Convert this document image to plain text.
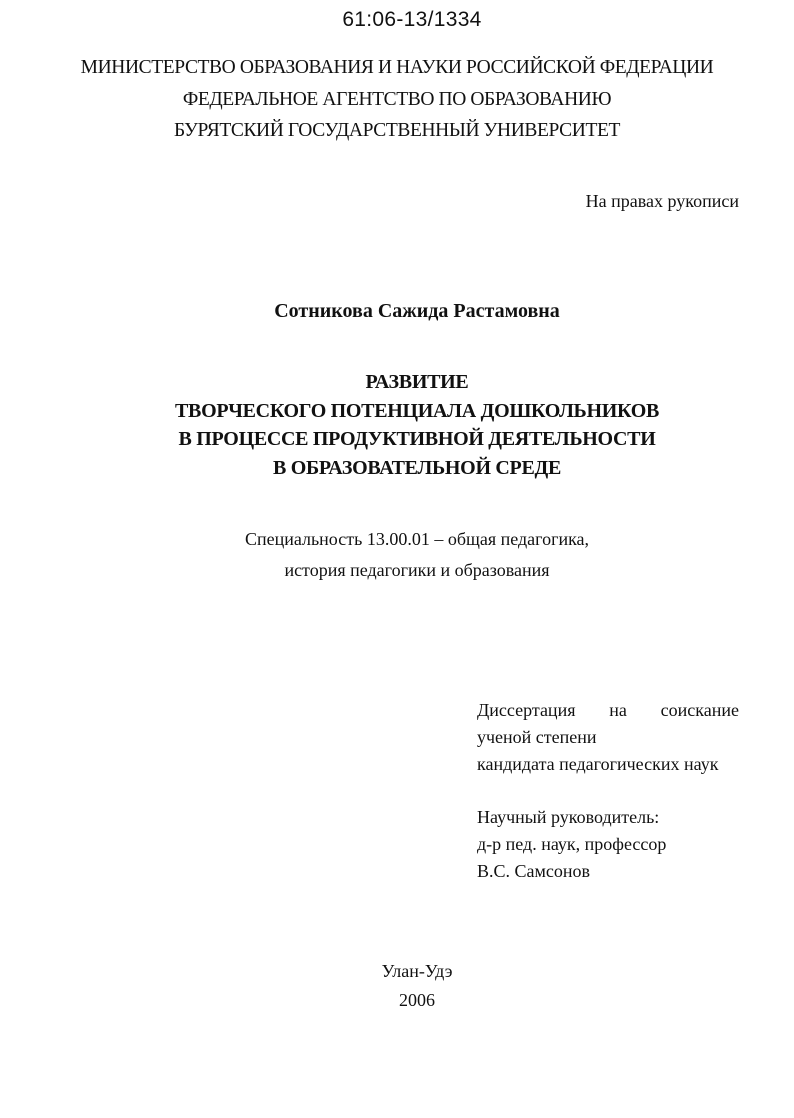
61:06-13/1334
МИНИСТЕРСТВО ОБРАЗОВАНИЯ И НАУКИ РОССИЙСКОЙ ФЕДЕРАЦИИ
ФЕДЕРАЛЬНОЕ АГЕНТСТВО ПО ОБРАЗОВАНИЮ
БУРЯТСКИЙ ГОСУДАРСТВЕННЫЙ УНИВЕРСИТЕТ
На правах рукописи
Сотникова Сажида Растамовна
РАЗВИТИЕ
ТВОРЧЕСКОГО ПОТЕНЦИАЛА ДОШКОЛЬНИКОВ
В ПРОЦЕССЕ ПРОДУКТИВНОЙ ДЕЯТЕЛЬНОСТИ
В ОБРАЗОВАТЕЛЬНОЙ СРЕДЕ
Специальность 13.00.01 – общая педагогика,
история педагогики и образования
Диссертация на соискание
ученой степени
кандидата педагогических наук
Научный руководитель:
д-р пед. наук, профессор
В.С. Самсонов
Улан-Удэ
2006
